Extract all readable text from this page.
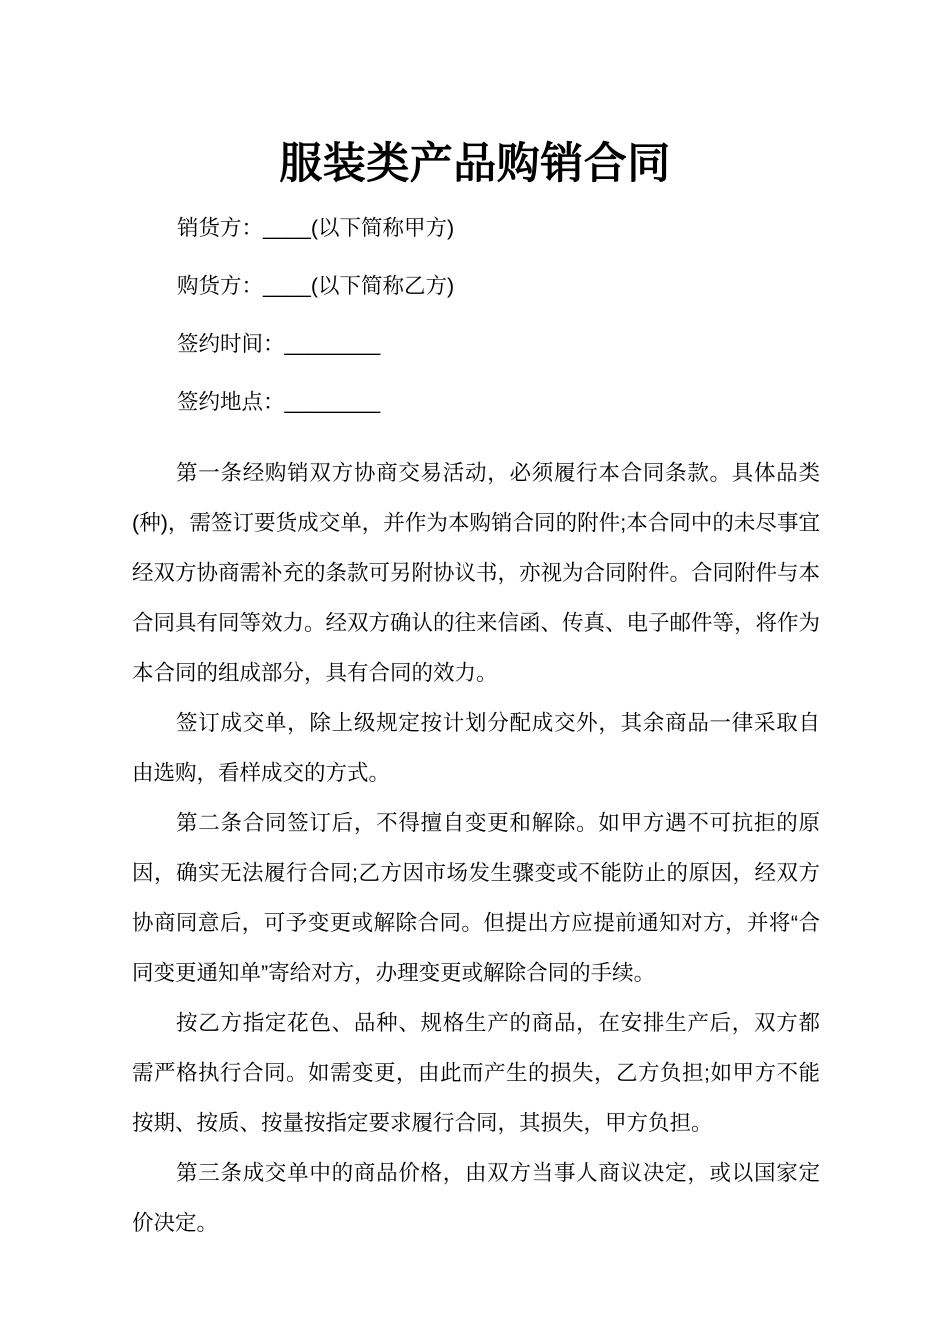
服装类产品购销合同
销货方：____(以下简称甲方)
购货方：____(以下简称乙方)
签约时间：________
签约地点：________

第一条经购销双方协商交易活动，必须履行本合同条款。具体品类(种)，需签订要货成交单，并作为本购销合同的附件;本合同中的未尽事宜经双方协商需补充的条款可另附协议书，亦视为合同附件。合同附件与本合同具有同等效力。经双方确认的往来信函、传真、电子邮件等，将作为本合同的组成部分，具有合同的效力。

签订成交单，除上级规定按计划分配成交外，其余商品一律采取自由选购，看样成交的方式。

第二条合同签订后，不得擅自变更和解除。如甲方遇不可抗拒的原因，确实无法履行合同;乙方因市场发生骤变或不能防止的原因，经双方协商同意后，可予变更或解除合同。但提出方应提前通知对方，并将“合同变更通知单”寄给对方，办理变更或解除合同的手续。

按乙方指定花色、品种、规格生产的商品，在安排生产后，双方都需严格执行合同。如需变更，由此而产生的损失，乙方负担;如甲方不能按期、按质、按量按指定要求履行合同，其损失，甲方负担。

第三条成交单中的商品价格，由双方当事人商议决定，或以国家定价决定。
